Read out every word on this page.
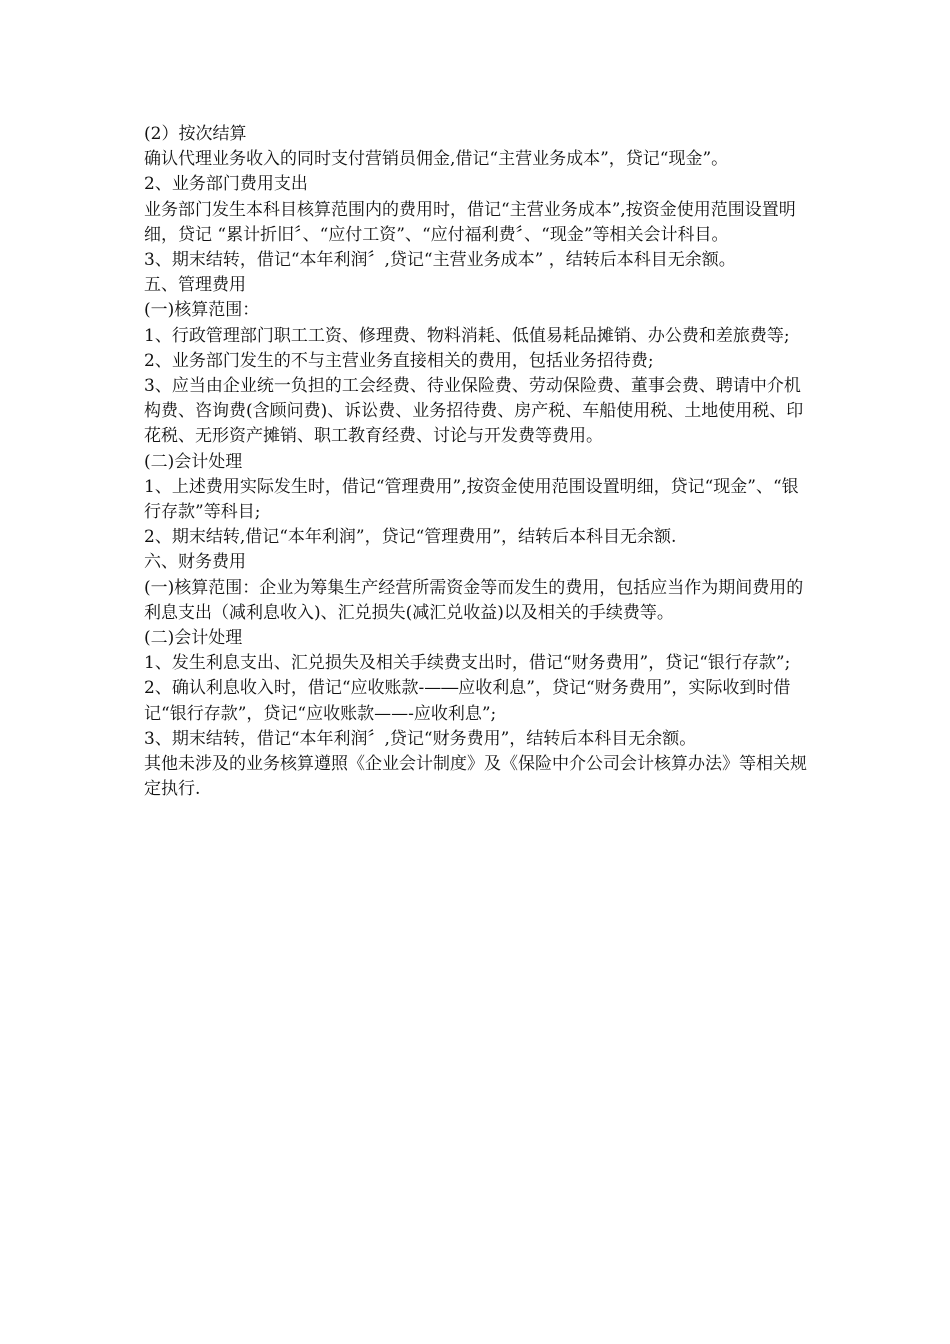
(2）按次结算

确认代理业务收入的同时支付营销员佣金,借记“主营业务成本”，贷记“现金”。

2、业务部门费用支出

业务部门发生本科目核算范围内的费用时，借记“主营业务成本”,按资金使用范围设置明细，贷记 “累计折旧〞、“应付工资”、“应付福利费〞、“现金”等相关会计科目。

3、期末结转，借记“本年利润〞,贷记“主营业务成本” ，结转后本科目无余额。

五、管理费用

(一)核算范围：

1、行政管理部门职工工资、修理费、物料消耗、低值易耗品摊销、办公费和差旅费等;

2、业务部门发生的不与主营业务直接相关的费用，包括业务招待费;

3、应当由企业统一负担的工会经费、待业保险费、劳动保险费、董事会费、聘请中介机构费、咨询费(含顾问费)、诉讼费、业务招待费、房产税、车船使用税、土地使用税、印花税、无形资产摊销、职工教育经费、讨论与开发费等费用。

(二)会计处理

1、上述费用实际发生时，借记“管理费用”,按资金使用范围设置明细，贷记“现金”、“银行存款”等科目;

2、期末结转,借记“本年利润”，贷记“管理费用”，结转后本科目无余额.

六、财务费用

(一)核算范围：企业为筹集生产经营所需资金等而发生的费用，包括应当作为期间费用的利息支出（减利息收入)、汇兑损失(减汇兑收益)以及相关的手续费等。

(二)会计处理

1、发生利息支出、汇兑损失及相关手续费支出时，借记“财务费用”，贷记“银行存款”;

2、确认利息收入时，借记“应收账款-—―应收利息”，贷记“财务费用”，实际收到时借记“银行存款”，贷记“应收账款——-应收利息”;

3、期末结转，借记“本年利润〞,贷记“财务费用”，结转后本科目无余额。

其他未涉及的业务核算遵照《企业会计制度》及《保险中介公司会计核算办法》等相关规定执行.
